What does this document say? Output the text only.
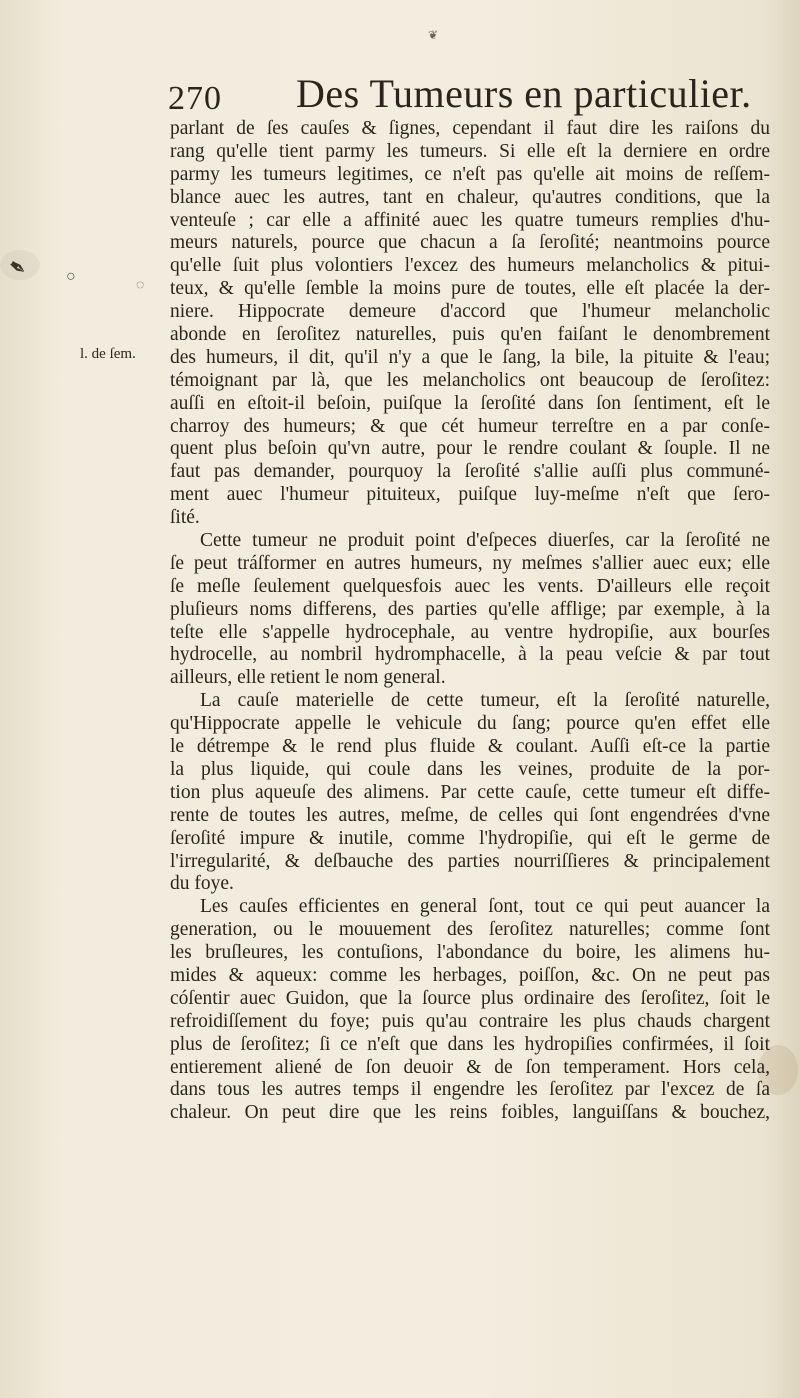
❦
✒ ○
◌
270 Des Tumeurs en particulier.
l. de ſem.
parlant de ſes cauſes & ſignes, cependant il faut dire les raiſons du
rang qu'elle tient parmy les tumeurs. Si elle eſt la derniere en ordre
parmy les tumeurs legitimes, ce n'eſt pas qu'elle ait moins de reſſem-
blance auec les autres, tant en chaleur, qu'autres conditions, que la
venteuſe ; car elle a affinité auec les quatre tumeurs remplies d'hu-
meurs naturels, pource que chacun a ſa ſeroſité; neantmoins pource
qu'elle ſuit plus volontiers l'excez des humeurs melancholics & pitui-
teux, & qu'elle ſemble la moins pure de toutes, elle eſt placée la der-
niere. Hippocrate demeure d'accord que l'humeur melancholic
abonde en ſeroſitez naturelles, puis qu'en faiſant le denombrement
des humeurs, il dit, qu'il n'y a que le ſang, la bile, la pituite & l'eau;
témoignant par là, que les melancholics ont beaucoup de ſeroſitez:
auſſi en eſtoit-il beſoin, puiſque la ſeroſité dans ſon ſentiment, eſt le
charroy des humeurs; & que cét humeur terreſtre en a par conſe-
quent plus beſoin qu'vn autre, pour le rendre coulant & ſouple. Il ne
faut pas demander, pourquoy la ſeroſité s'allie auſſi plus communé-
ment auec l'humeur pituiteux, puiſque luy-meſme n'eſt que ſero-
ſité.
Cette tumeur ne produit point d'eſpeces diuerſes, car la ſeroſité ne
ſe peut tráſformer en autres humeurs, ny meſmes s'allier auec eux; elle
ſe meſle ſeulement quelquesfois auec les vents. D'ailleurs elle reçoit
pluſieurs noms differens, des parties qu'elle afflige; par exemple, à la
teſte elle s'appelle hydrocephale, au ventre hydropiſie, aux bourſes
hydrocelle, au nombril hydromphacelle, à la peau veſcie & par tout
ailleurs, elle retient le nom general.
La cauſe materielle de cette tumeur, eſt la ſeroſité naturelle,
qu'Hippocrate appelle le vehicule du ſang; pource qu'en effet elle
le détrempe & le rend plus fluide & coulant. Auſſi eſt-ce la partie
la plus liquide, qui coule dans les veines, produite de la por-
tion plus aqueuſe des alimens. Par cette cauſe, cette tumeur eſt diffe-
rente de toutes les autres, meſme, de celles qui ſont engendrées d'vne
ſeroſité impure & inutile, comme l'hydropiſie, qui eſt le germe de
l'irregularité, & deſbauche des parties nourriſſieres & principalement
du foye.
Les cauſes efficientes en general ſont, tout ce qui peut auancer la
generation, ou le mouuement des ſeroſitez naturelles; comme ſont
les bruſleures, les contuſions, l'abondance du boire, les alimens hu-
mides & aqueux: comme les herbages, poiſſon, &c. On ne peut pas
cóſentir auec Guidon, que la ſource plus ordinaire des ſeroſitez, ſoit le
refroidiſſement du foye; puis qu'au contraire les plus chauds chargent
plus de ſeroſitez; ſi ce n'eſt que dans les hydropiſies confirmées, il ſoit
entierement aliené de ſon deuoir & de ſon temperament. Hors cela,
dans tous les autres temps il engendre les ſeroſitez par l'excez de ſa
chaleur. On peut dire que les reins foibles, languiſſans & bouchez,
